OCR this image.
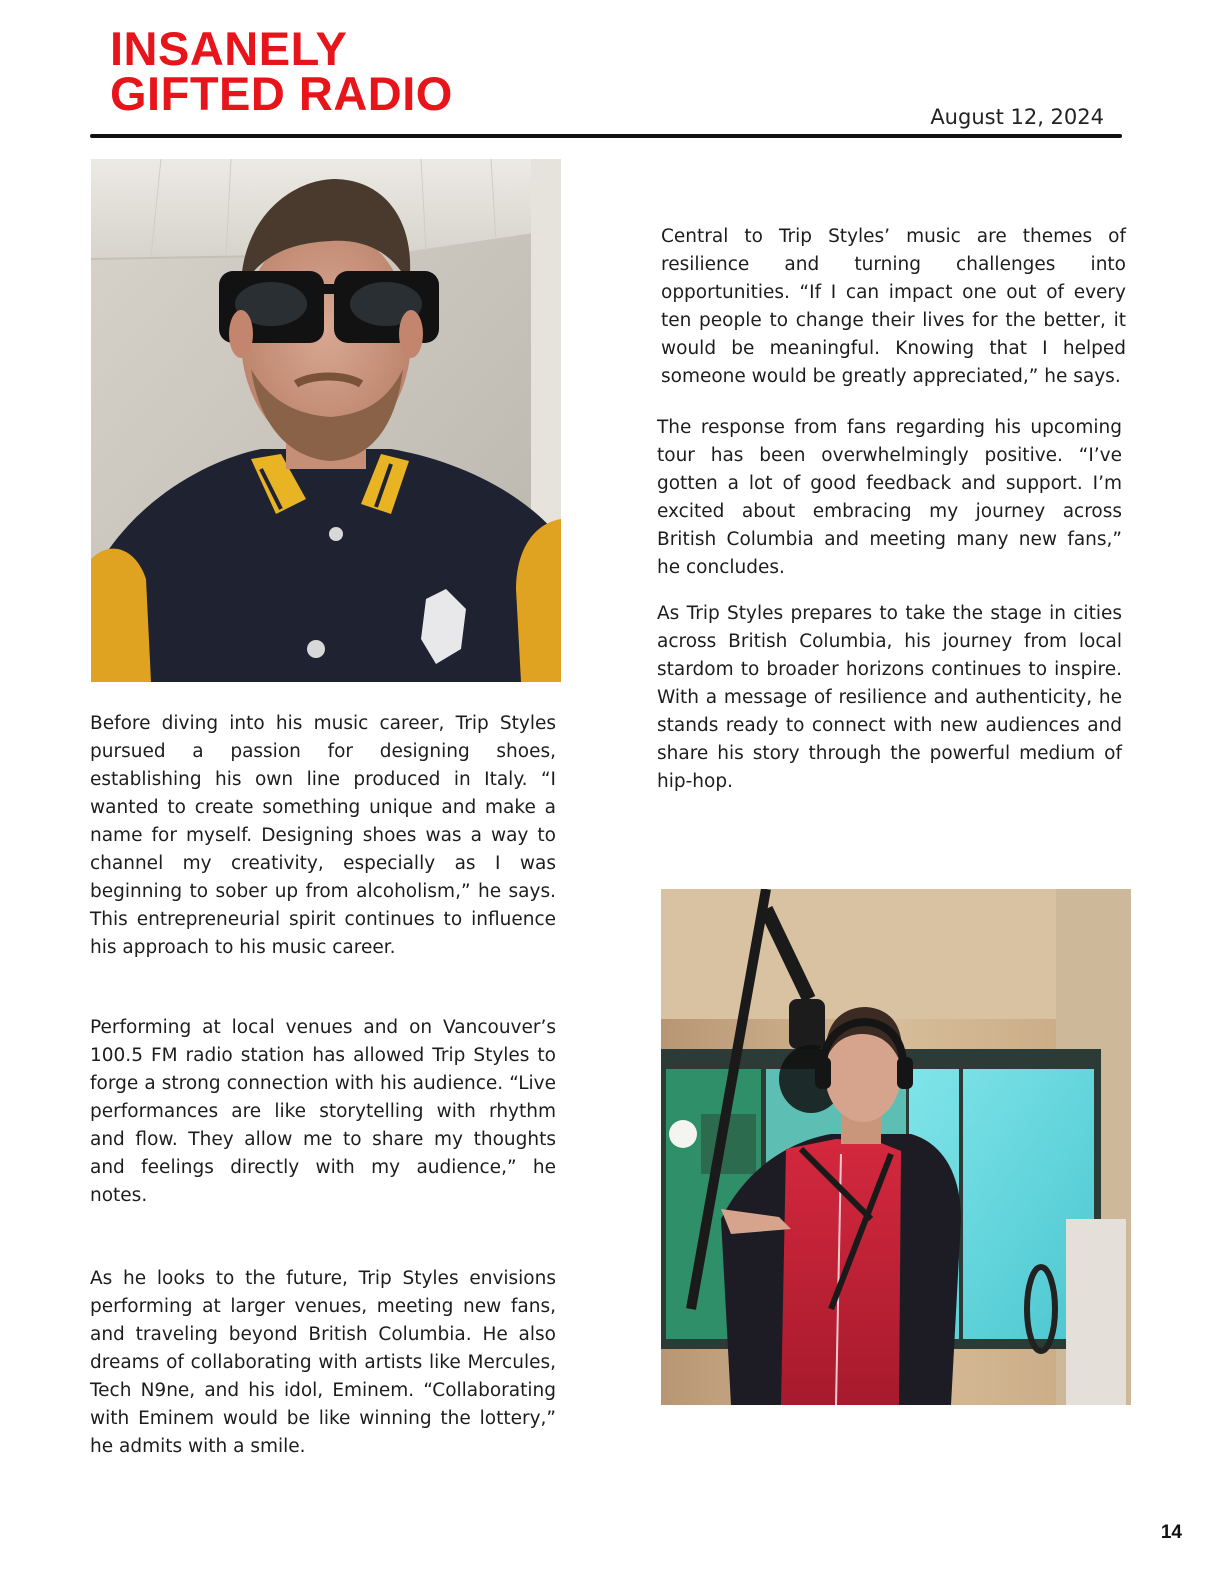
INSANELY
GIFTED RADIO	August 12, 2024

Before diving into his music career, Trip Styles pursued a passion for designing shoes, establishing his own line produced in Italy. “I wanted to create something unique and make a name for myself. Designing shoes was a way to channel my creativity, especially as I was beginning to sober up from alcoholism,” he says. This entrepreneurial spirit continues to influence his approach to his music career.

Performing at local venues and on Vancouver’s 100.5 FM radio station has allowed Trip Styles to forge a strong connection with his audience. “Live performances are like storytelling with rhythm and flow. They allow me to share my thoughts and feelings directly with my audience,” he notes.

As he looks to the future, Trip Styles envisions performing at larger venues, meeting new fans, and traveling beyond British Columbia. He also dreams of collaborating with artists like Mercules, Tech N9ne, and his idol, Eminem. “Collaborating with Eminem would be like winning the lottery,” he admits with a smile.

Central to Trip Styles’ music are themes of resilience and turning challenges into opportunities. “If I can impact one out of every ten people to change their lives for the better, it would be meaningful. Knowing that I helped someone would be greatly appreciated,” he says.

The response from fans regarding his upcoming tour has been overwhelmingly positive. “I’ve gotten a lot of good feedback and support. I’m excited about embracing my journey across British Columbia and meeting many new fans,” he concludes.

As Trip Styles prepares to take the stage in cities across British Columbia, his journey from local stardom to broader horizons continues to inspire. With a message of resilience and authenticity, he stands ready to connect with new audiences and share his story through the powerful medium of hip-hop.

14
